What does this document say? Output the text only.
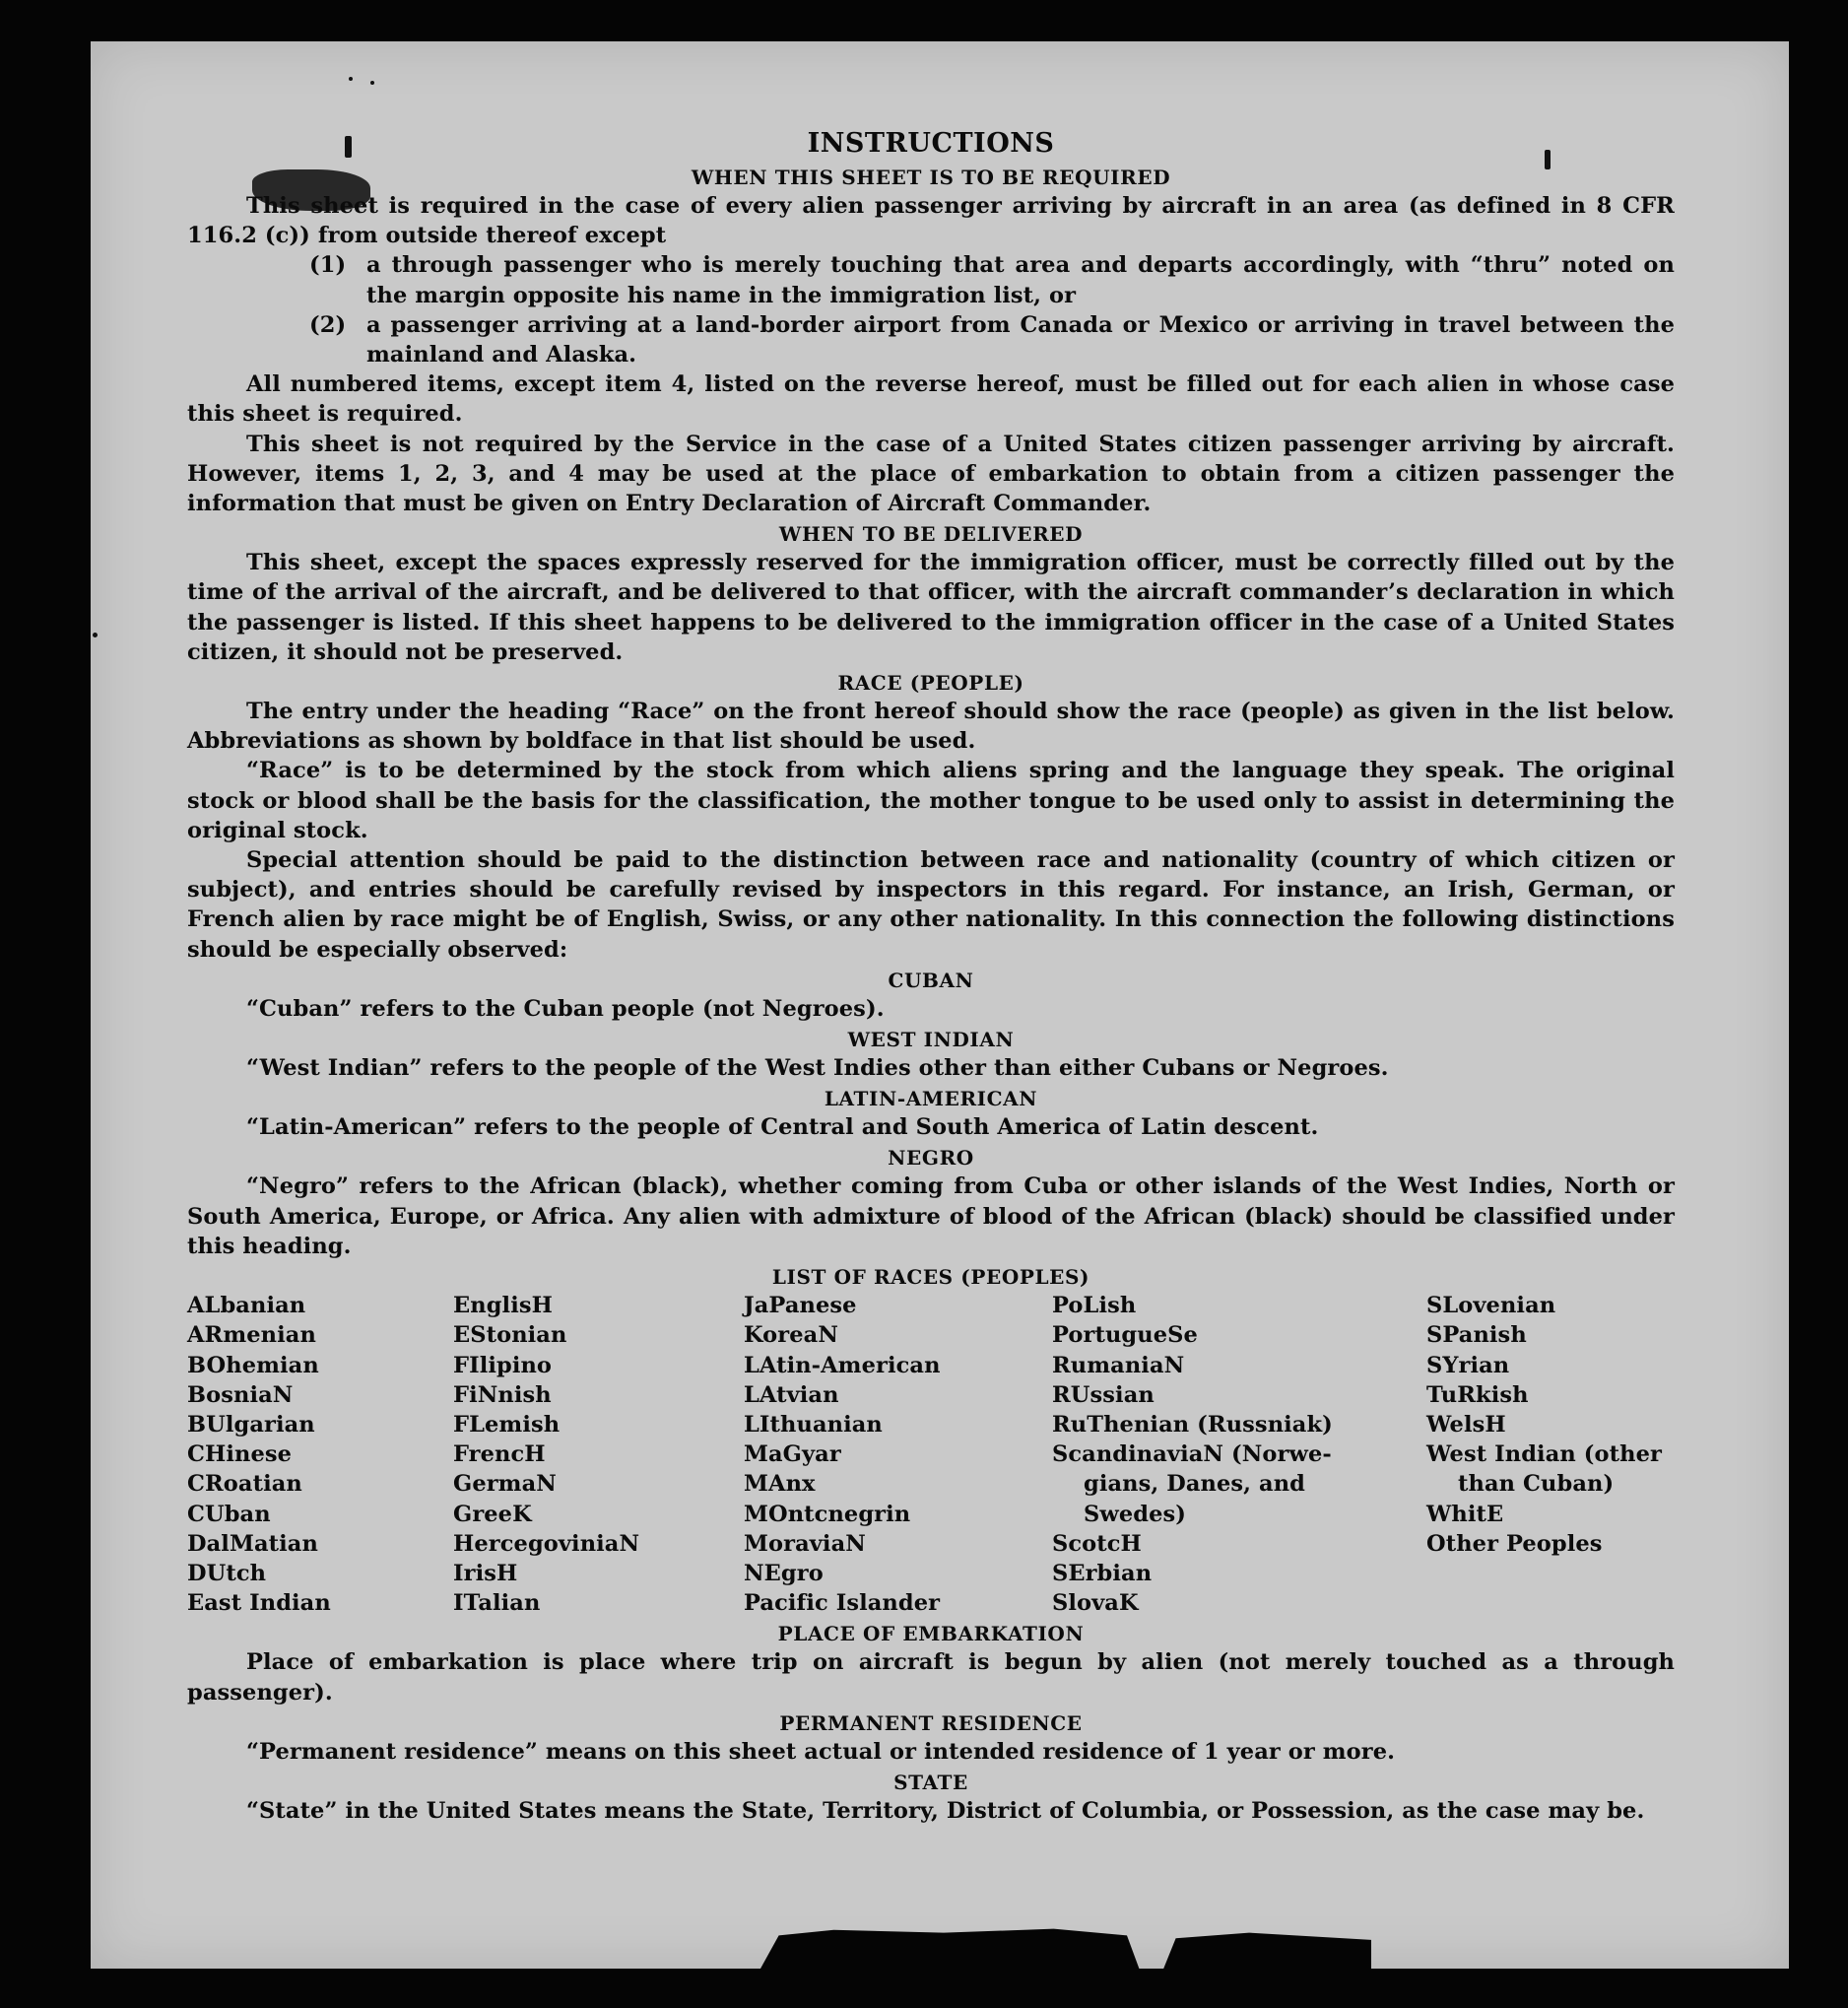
INSTRUCTIONS
WHEN THIS SHEET IS TO BE REQUIRED

This sheet is required in the case of every alien passenger arriving by aircraft in an area (as defined in 8 CFR 116.2 (c)) from outside thereof except

(1) a through passenger who is merely touching that area and departs accordingly, with “thru” noted on the margin opposite his name in the immigration list, or
(2) a passenger arriving at a land-border airport from Canada or Mexico or arriving in travel between the mainland and Alaska.

All numbered items, except item 4, listed on the reverse hereof, must be filled out for each alien in whose case this sheet is required.

This sheet is not required by the Service in the case of a United States citizen passenger arriving by aircraft. However, items 1, 2, 3, and 4 may be used at the place of embarkation to obtain from a citizen passenger the information that must be given on Entry Declaration of Aircraft Commander.

WHEN TO BE DELIVERED

This sheet, except the spaces expressly reserved for the immigration officer, must be correctly filled out by the time of the arrival of the aircraft, and be delivered to that officer, with the aircraft commander’s declaration in which the passenger is listed. If this sheet happens to be delivered to the immigration officer in the case of a United States citizen, it should not be preserved.

RACE (PEOPLE)

The entry under the heading “Race” on the front hereof should show the race (people) as given in the list below. Abbreviations as shown by boldface in that list should be used.

“Race” is to be determined by the stock from which aliens spring and the language they speak. The original stock or blood shall be the basis for the classification, the mother tongue to be used only to assist in determining the original stock.

Special attention should be paid to the distinction between race and nationality (country of which citizen or subject), and entries should be carefully revised by inspectors in this regard. For instance, an Irish, German, or French alien by race might be of English, Swiss, or any other nationality. In this connection the following distinctions should be especially observed:

CUBAN
“Cuban” refers to the Cuban people (not Negroes).
WEST INDIAN
“West Indian” refers to the people of the West Indies other than either Cubans or Negroes.
LATIN-AMERICAN
“Latin-American” refers to the people of Central and South America of Latin descent.
NEGRO

“Negro” refers to the African (black), whether coming from Cuba or other islands of the West Indies, North or South America, Europe, or Africa. Any alien with admixture of blood of the African (black) should be classified under this heading.

LIST OF RACES (PEOPLES)
ALbanian	EnglisH	JaPanese	PoLish	SLovenian
ARmenian	EStonian	KoreaN	PortugueSe	SPanish
BOhemian	FIlipino	LAtin-American	RumaniaN	SYrian
BosniaN	FiNnish	LAtvian	RUssian	TuRkish
BUlgarian	FLemish	LIthuanian	RuThenian (Russniak)	WelsH
CHinese	FrencH	MaGyar	ScandinaviaN (Norwe-	West Indian (other
CRoatian	GermaN	MAnx	gians, Danes, and	than Cuban)
CUban	GreeK	MOntcnegrin	Swedes)	WhitE
DalMatian	HercegoviniaN	MoraviaN	ScotcH	Other Peoples
DUtch	IrisH	NEgro	SErbian
East Indian	ITalian	Pacific Islander	SlovaK
PLACE OF EMBARKATION

Place of embarkation is place where trip on aircraft is begun by alien (not merely touched as a through passenger).

PERMANENT RESIDENCE
“Permanent residence” means on this sheet actual or intended residence of 1 year or more.
STATE

“State” in the United States means the State, Territory, District of Columbia, or Possession, as the case may be.
